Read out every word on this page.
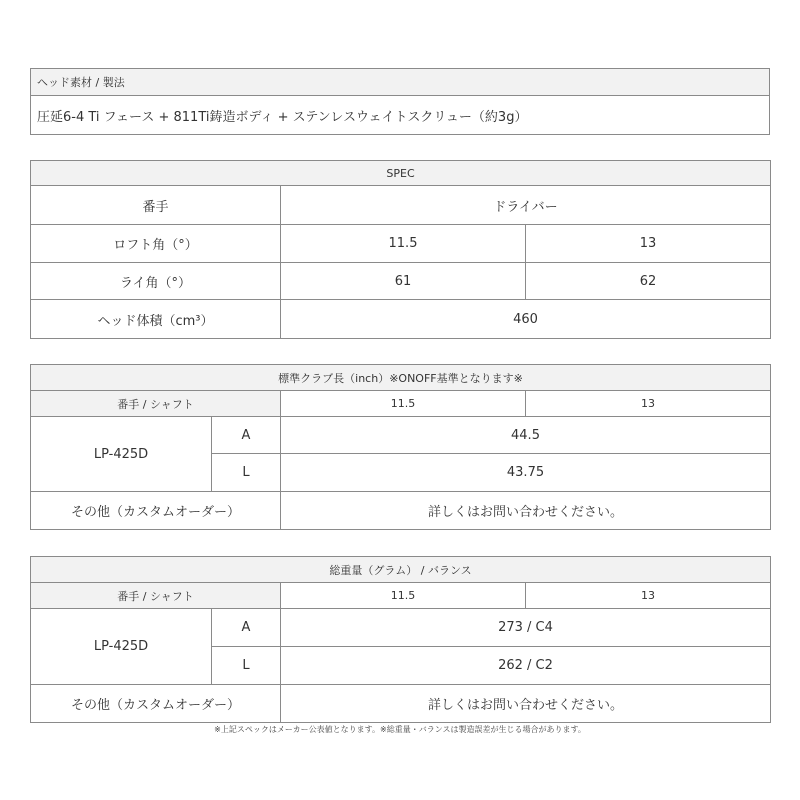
ヘッド素材 / 製法
圧延6-4 Ti フェース + 811Ti鋳造ボディ + ステンレスウェイトスクリュー（約3g）
SPEC		
番手	ドライバー	
ロフト角（°）	11.5	13
ライ角（°）	61	62
ヘッド体積（cm³）	460	
標準クラブ長（inch）※ONOFF基準となります※			
番手 / シャフト		11.5	13
LP-425D	A	44.5	
	L	43.75	
その他（カスタムオーダー）		詳しくはお問い合わせください。	
総重量（グラム） / バランス			
番手 / シャフト		11.5	13
LP-425D	A	273 / C4	
	L	262 / C2	
その他（カスタムオーダー）		詳しくはお問い合わせください。	
※上記スペックはメーカー公表値となります。※総重量・バランスは製造誤差が生じる場合があります。
